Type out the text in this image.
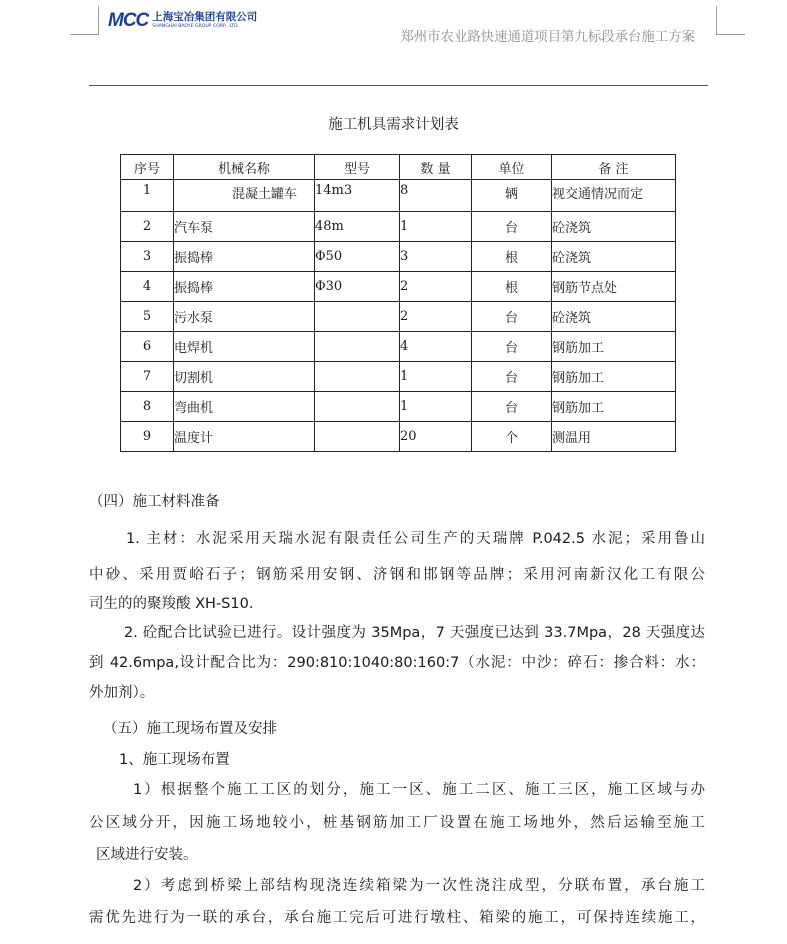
MCC 上海宝冶集团有限公司
SHANGHAI BAOYE GROUP CORP., LTD.
郑州市农业路快速通道项目第九标段承台施工方案
施工机具需求计划表
序号	机械名称	型号	数 量	单位	备 注
1	混凝土罐车	14m3	8	辆	视交通情况而定
2	汽车泵	48m	1	台	砼浇筑
3	振捣棒	Φ50	3	根	砼浇筑
4	振捣棒	Φ30	2	根	钢筋节点处
5	污水泵		2	台	砼浇筑
6	电焊机		4	台	钢筋加工
7	切割机		1	台	钢筋加工
8	弯曲机		1	台	钢筋加工
9	温度计		20	个	测温用
（四）施工材料准备
1. 主材：水泥采用天瑞水泥有限责任公司生产的天瑞牌 P.042.5 水泥；采用鲁山
中砂、采用贾峪石子；钢筋采用安钢、济钢和邯钢等品牌；采用河南新汉化工有限公
司生的的聚羧酸 XH-S10.
2. 砼配合比试验已进行。设计强度为 35Mpa，7 天强度已达到 33.7Mpa，28 天强度达
到 42.6mpa,设计配合比为：290:810:1040:80:160:7（水泥：中沙：碎石：掺合料：水：
外加剂）。
（五）施工现场布置及安排
1、施工现场布置
1）根据整个施工工区的划分，施工一区、施工二区、施工三区，施工区域与办
公区域分开，因施工场地较小，桩基钢筋加工厂设置在施工场地外，然后运输至施工
区域进行安装。
2）考虑到桥梁上部结构现浇连续箱梁为一次性浇注成型，分联布置，承台施工
需优先进行为一联的承台，承台施工完后可进行墩柱、箱梁的施工，可保持连续施工，
